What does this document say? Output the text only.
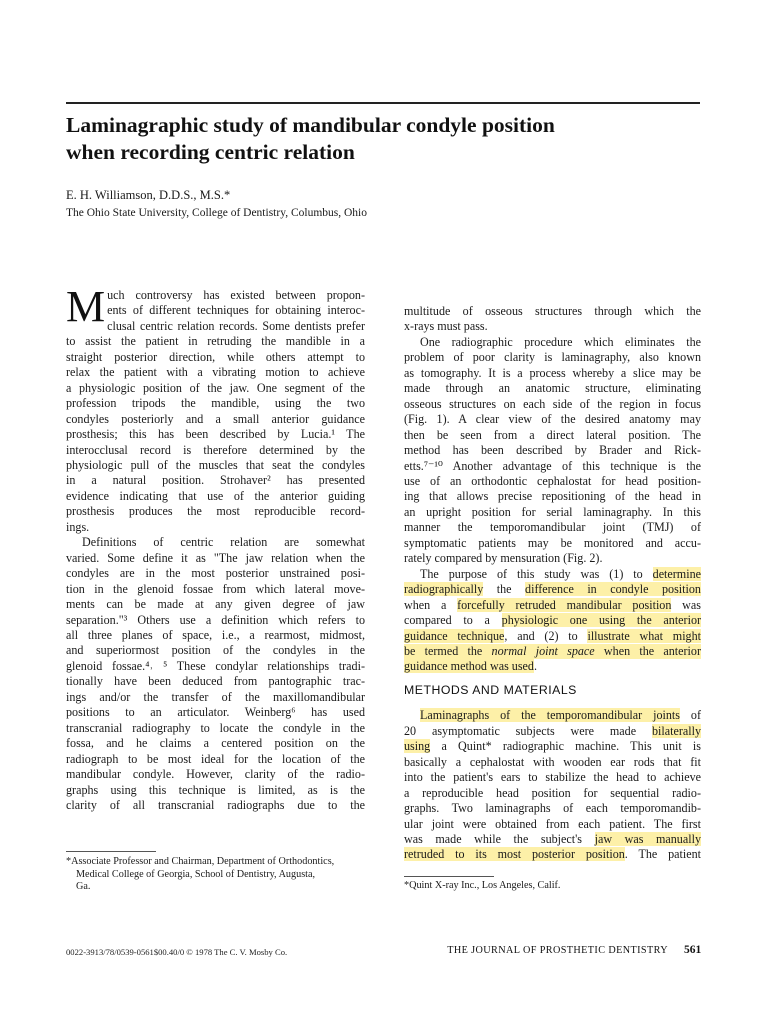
Laminagraphic study of mandibular condyle position
when recording centric relation
E. H. Williamson, D.D.S., M.S.*
The Ohio State University, College of Dentistry, Columbus, Ohio
M uch controversy has existed between propon-
ents of different techniques for obtaining interoc-
clusal centric relation records. Some dentists prefer
to assist the patient in retruding the mandible in a
straight posterior direction, while others attempt to
relax the patient with a vibrating motion to achieve
a physiologic position of the jaw. One segment of the
profession tripods the mandible, using the two
condyles posteriorly and a small anterior guidance
prosthesis; this has been described by Lucia.¹ The
interocclusal record is therefore determined by the
physiologic pull of the muscles that seat the condyles
in a natural position. Strohaver² has presented
evidence indicating that use of the anterior guiding
prosthesis produces the most reproducible record-
ings.
Definitions of centric relation are somewhat
varied. Some define it as "The jaw relation when the
condyles are in the most posterior unstrained posi-
tion in the glenoid fossae from which lateral move-
ments can be made at any given degree of jaw
separation."³ Others use a definition which refers to
all three planes of space, i.e., a rearmost, midmost,
and superiormost position of the condyles in the
glenoid fossae.⁴˒ ⁵ These condylar relationships tradi-
tionally have been deduced from pantographic trac-
ings and/or the transfer of the maxillomandibular
positions to an articulator. Weinberg⁶ has used
transcranial radiography to locate the condyle in the
fossa, and he claims a centered position on the
radiograph to be most ideal for the location of the
mandibular condyle. However, clarity of the radio-
graphs using this technique is limited, as is the
clarity of all transcranial radiographs due to the
*Associate Professor and Chairman, Department of Orthodontics,
Medical College of Georgia, School of Dentistry, Augusta,
Ga.
multitude of osseous structures through which the
x-rays must pass.
One radiographic procedure which eliminates the
problem of poor clarity is laminagraphy, also known
as tomography. It is a process whereby a slice may be
made through an anatomic structure, eliminating
osseous structures on each side of the region in focus
(Fig. 1). A clear view of the desired anatomy may
then be seen from a direct lateral position. The
method has been described by Brader and Rick-
etts.⁷⁻¹⁰ Another advantage of this technique is the
use of an orthodontic cephalostat for head position-
ing that allows precise repositioning of the head in
an upright position for serial laminagraphy. In this
manner the temporomandibular joint (TMJ) of
symptomatic patients may be monitored and accu-
rately compared by mensuration (Fig. 2).
The purpose of this study was (1) to determine
radiographically the difference in condyle position
when a forcefully retruded mandibular position was
compared to a physiologic one using the anterior
guidance technique, and (2) to illustrate what might
be termed the normal joint space when the anterior
guidance method was used.
METHODS AND MATERIALS
Laminagraphs of the temporomandibular joints of
20 asymptomatic subjects were made bilaterally
using a Quint* radiographic machine. This unit is
basically a cephalostat with wooden ear rods that fit
into the patient's ears to stabilize the head to achieve
a reproducible head position for sequential radio-
graphs. Two laminagraphs of each temporomandib-
ular joint were obtained from each patient. The first
was made while the subject's jaw was manually
retruded to its most posterior position. The patient
*Quint X-ray Inc., Los Angeles, Calif.
0022-3913/78/0539-0561$00.40/0 © 1978 The C. V. Mosby Co.	THE JOURNAL OF PROSTHETIC DENTISTRY 561
